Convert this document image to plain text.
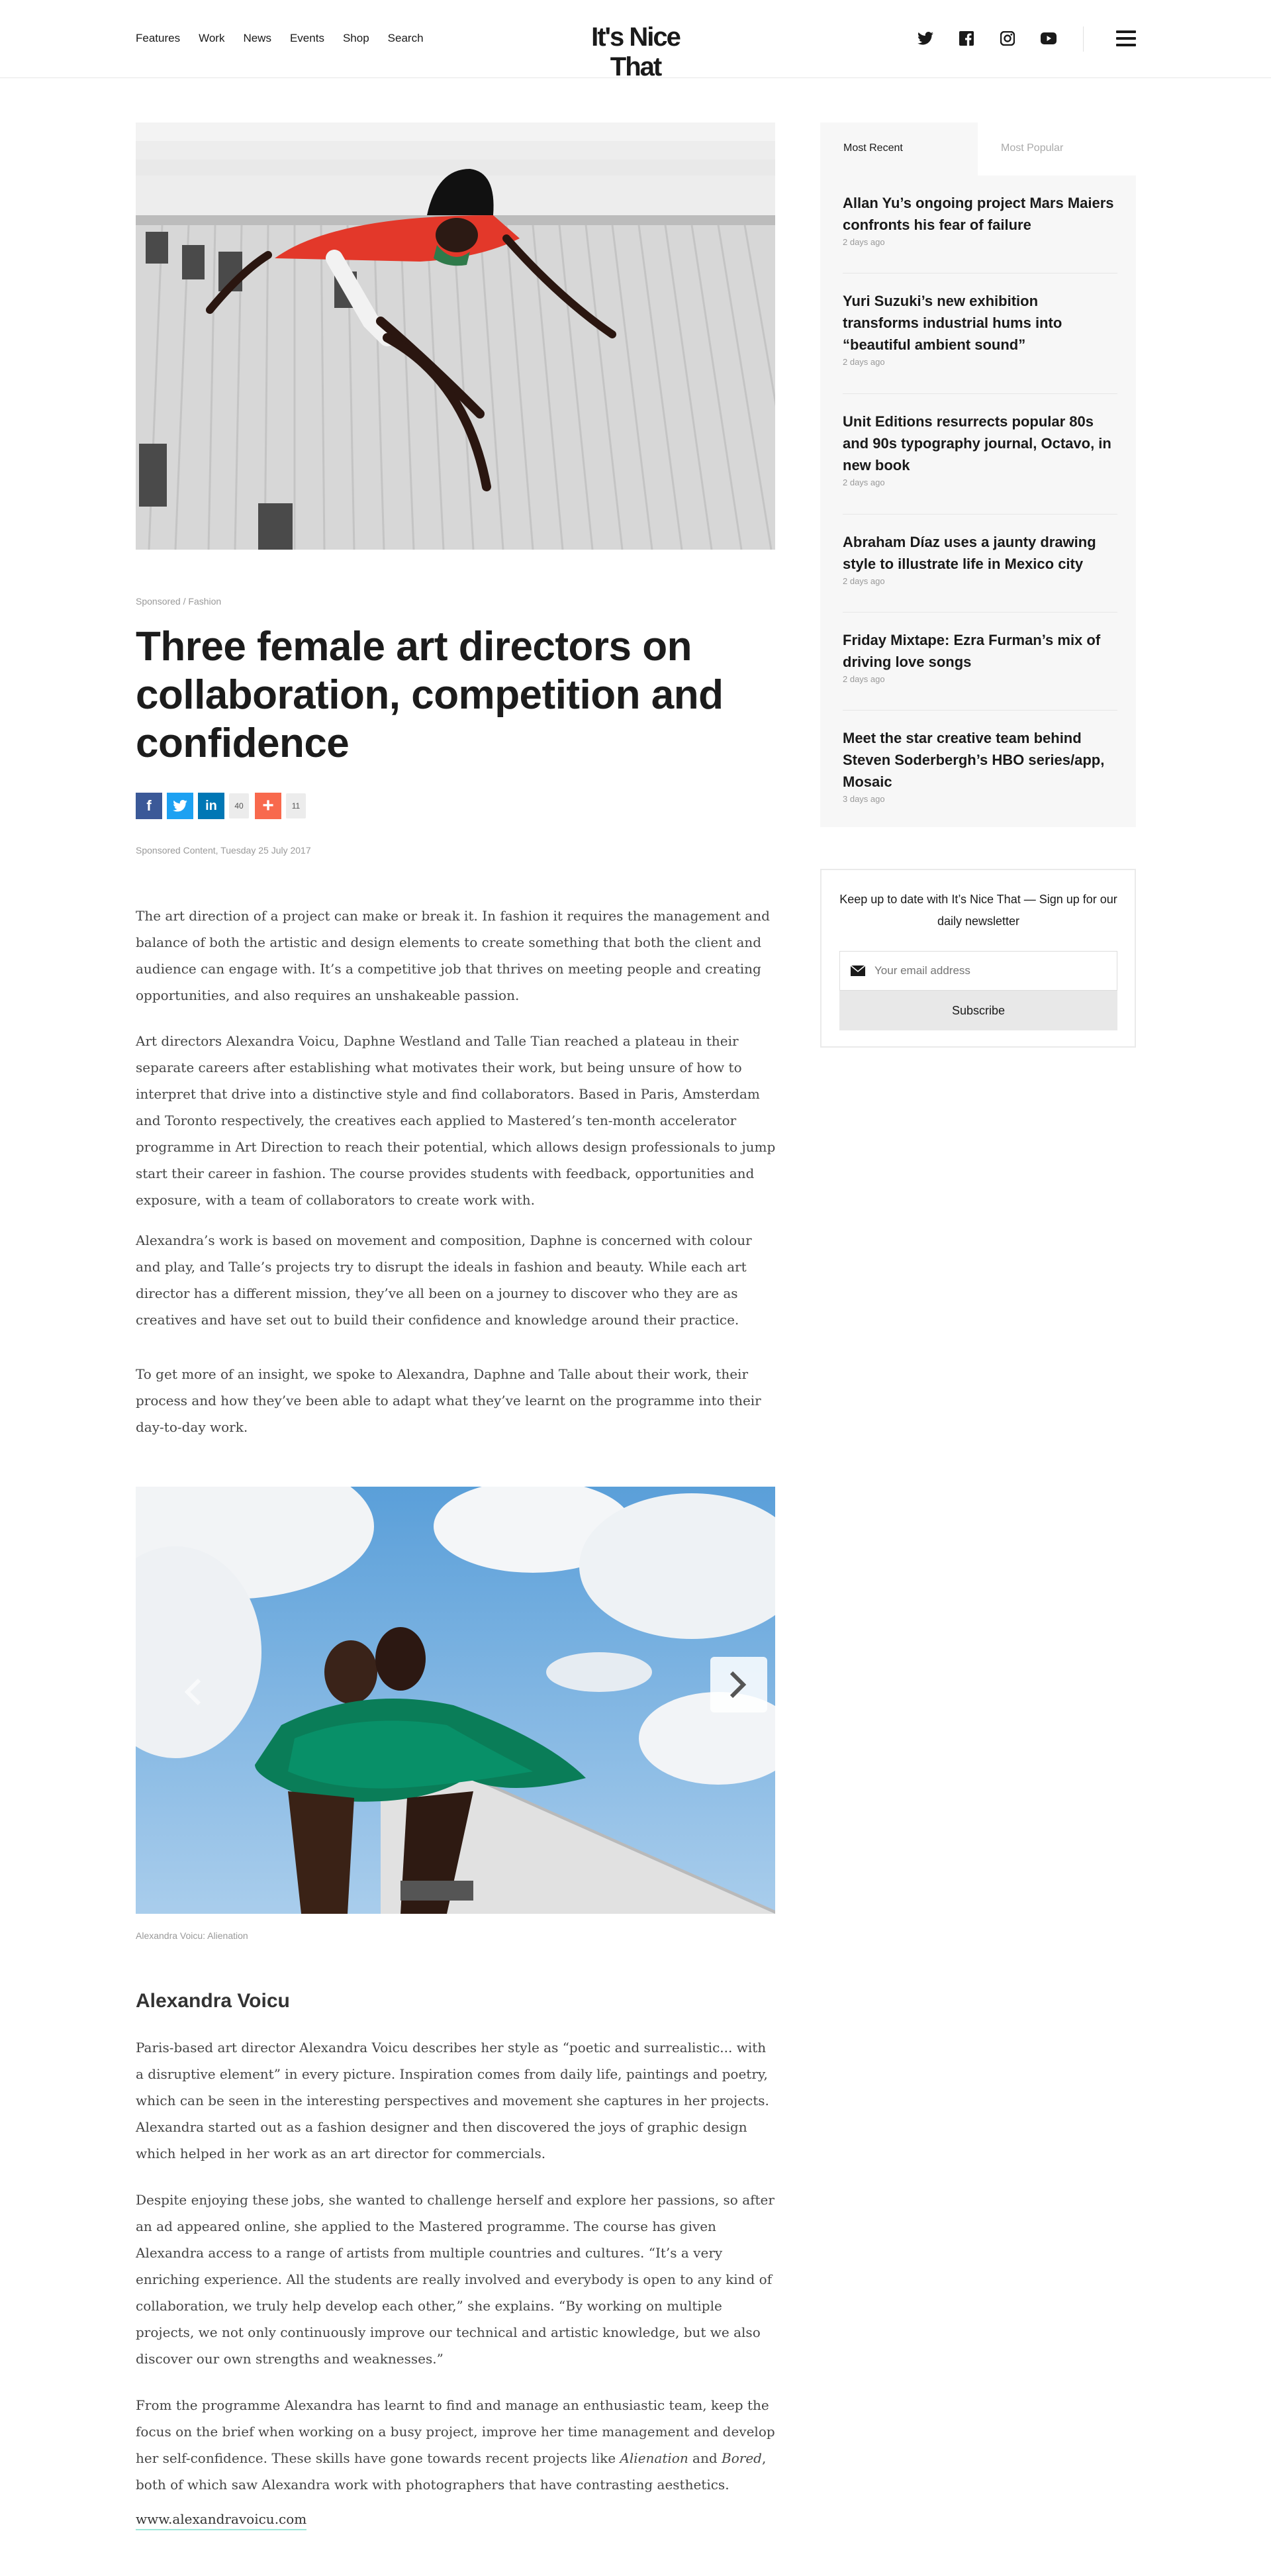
Features Work News Events Shop Search	It's Nice That
Sponsored / Fashion
Three female art directors on collaboration, competition and confidence
f	in	40 +	11
Sponsored Content, Tuesday 25 July 2017

The art direction of a project can make or break it. In fashion it requires the management and balance of both the artistic and design elements to create something that both the client and audience can engage with. It’s a competitive job that thrives on meeting people and creating opportunities, and also requires an unshakeable passion.

Art directors Alexandra Voicu, Daphne Westland and Talle Tian reached a plateau in their separate careers after establishing what motivates their work, but being unsure of how to interpret that drive into a distinctive style and find collaborators. Based in Paris, Amsterdam and Toronto respectively, the creatives each applied to Mastered’s ten-month accelerator programme in Art Direction to reach their potential, which allows design professionals to jump start their career in fashion. The course provides students with feedback, opportunities and exposure, with a team of collaborators to create work with.

Alexandra’s work is based on movement and composition, Daphne is concerned with colour and play, and Talle’s projects try to disrupt the ideals in fashion and beauty. While each art director has a different mission, they’ve all been on a journey to discover who they are as creatives and have set out to build their confidence and knowledge around their practice.

To get more of an insight, we spoke to Alexandra, Daphne and Talle about their work, their process and how they’ve been able to adapt what they’ve learnt on the programme into their day-to-day work.

Alexandra Voicu: Alienation
Alexandra Voicu

Paris-based art director Alexandra Voicu describes her style as “poetic and surrealistic... with a disruptive element” in every picture. Inspiration comes from daily life, paintings and poetry, which can be seen in the interesting perspectives and movement she captures in her projects. Alexandra started out as a fashion designer and then discovered the joys of graphic design which helped in her work as an art director for commercials.

Despite enjoying these jobs, she wanted to challenge herself and explore her passions, so after an ad appeared online, she applied to the Mastered programme. The course has given Alexandra access to a range of artists from multiple countries and cultures. “It’s a very enriching experience. All the students are really involved and everybody is open to any kind of collaboration, we truly help develop each other,” she explains. “By working on multiple projects, we not only continuously improve our technical and artistic knowledge, but we also discover our own strengths and weaknesses.”

From the programme Alexandra has learnt to find and manage an enthusiastic team, keep the focus on the brief when working on a busy project, improve her time management and develop her self-confidence. These skills have gone towards recent projects like Alienation and Bored, both of which saw Alexandra work with photographers that have contrasting aesthetics.

www.alexandravoicu.com
Most Recent	Most Popular
Allan Yu’s ongoing project Mars Maiers confronts his fear of failure
2 days ago
Yuri Suzuki’s new exhibition transforms industrial hums into “beautiful ambient sound”
2 days ago
Unit Editions resurrects popular 80s and 90s typography journal, Octavo, in new book
2 days ago
Abraham Díaz uses a jaunty drawing style to illustrate life in Mexico city
2 days ago
Friday Mixtape: Ezra Furman’s mix of driving love songs
2 days ago
Meet the star creative team behind Steven Soderbergh’s HBO series/app, Mosaic
3 days ago
Keep up to date with It’s Nice That — Sign up for our daily newsletter
Your email address
Subscribe
